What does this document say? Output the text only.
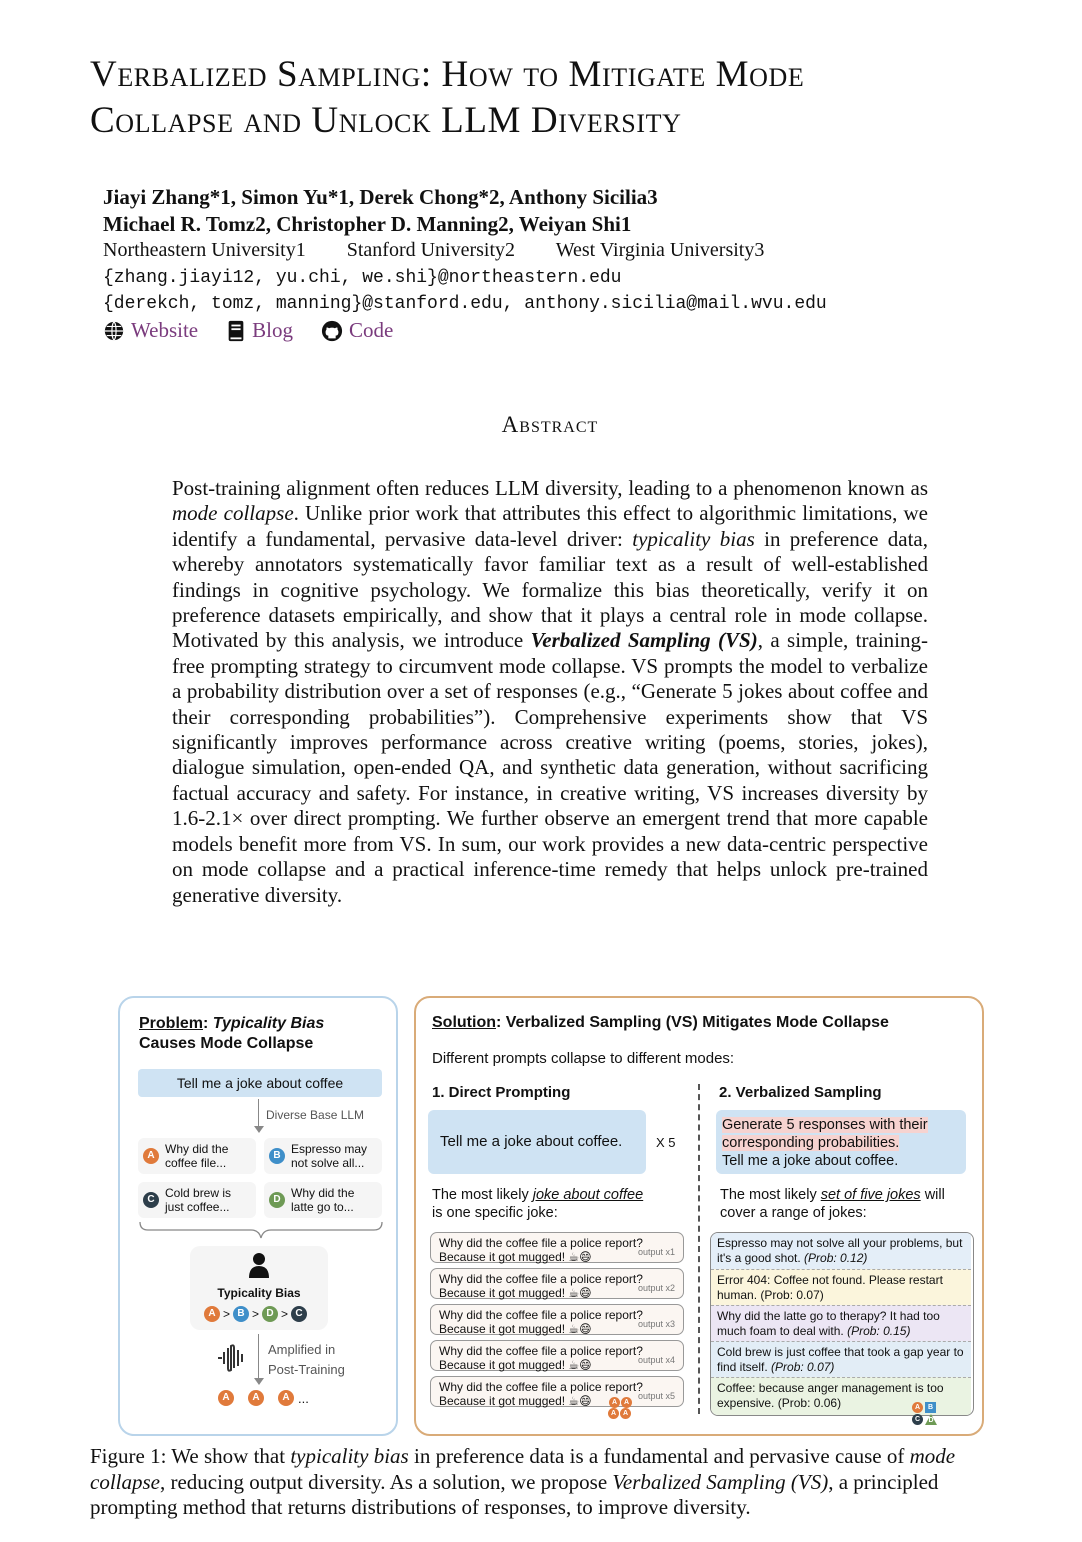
Verbalized Sampling: How to Mitigate Mode
Collapse and Unlock LLM Diversity
Jiayi Zhang*1, Simon Yu*1, Derek Chong*2, Anthony Sicilia3
Michael R. Tomz2, Christopher D. Manning2, Weiyan Shi1
Northeastern University1 Stanford University2 West Virginia University3
{zhang.jiayi12, yu.chi, we.shi}@northeastern.edu
{derekch, tomz, manning}@stanford.edu, anthony.sicilia@mail.wvu.edu
Website	Blog	Code
Abstract

Post-training alignment often reduces LLM diversity, leading to a phenomenon known as mode collapse. Unlike prior work that attributes this effect to algorithmic limitations, we identify a fundamental, pervasive data-level driver: typicality bias in preference data, whereby annotators systematically favor familiar text as a result of well-established findings in cognitive psychology. We formalize this bias theoretically, verify it on preference datasets empirically, and show that it plays a central role in mode collapse. Motivated by this analysis, we introduce Verbalized Sampling (VS), a simple, training-free prompting strategy to circumvent mode collapse. VS prompts the model to verbalize a probability distribution over a set of responses (e.g., “Generate 5 jokes about coffee and their corresponding probabilities”). Comprehensive experiments show that VS significantly improves performance across creative writing (poems, stories, jokes), dialogue simulation, open-ended QA, and synthetic data generation, without sacrificing factual accuracy and safety. For instance, in creative writing, VS increases diversity by 1.6-2.1× over direct prompting. We further observe an emergent trend that more capable models benefit more from VS. In sum, our work provides a new data-centric perspective on mode collapse and a practical inference-time remedy that helps unlock pre-trained generative diversity.

Problem: Typicality Bias
Causes Mode Collapse
Tell me a joke about coffee
Diverse Base LLM
A Why did the
coffee file...
B Espresso may
not solve all...
C Cold brew is
just coffee...
D Why did the
latte go to...
Typicality Bias
A > B > D > C
Amplified in
Post-Training
A	A	A ...
Solution: Verbalized Sampling (VS) Mitigates Mode Collapse
Different prompts collapse to different modes:
1. Direct Prompting	2. Verbalized Sampling
Tell me a joke about coffee.	X 5
Generate 5 responses with their corresponding probabilities.
Tell me a joke about coffee.
The most likely joke about coffee
is one specific joke:
The most likely set of five jokes will
cover a range of jokes:
Why did the coffee file a police report?
Because it got mugged! ☕😄	output x1
Why did the coffee file a police report?
Because it got mugged! ☕😄	output x2
Why did the coffee file a police report?
Because it got mugged! ☕😄	output x3
Why did the coffee file a police report?
Because it got mugged! ☕😄	output x4
Why did the coffee file a police report?
Because it got mugged! ☕😄	output x5
A A
A A
Espresso may not solve all your problems, but it's a good shot. (Prob: 0.12)
Error 404: Coffee not found. Please restart human. (Prob: 0.07)
Why did the latte go to therapy? It had too much foam to deal with. (Prob: 0.15)
Cold brew is just coffee that took a gap year to find itself. (Prob: 0.07)
Coffee: because anger management is too expensive. (Prob: 0.06)	A	B
C	D
Figure 1: We show that typicality bias in preference data is a fundamental and pervasive cause of mode collapse, reducing output diversity. As a solution, we propose Verbalized Sampling (VS), a principled prompting method that returns distributions of responses, to improve diversity.
